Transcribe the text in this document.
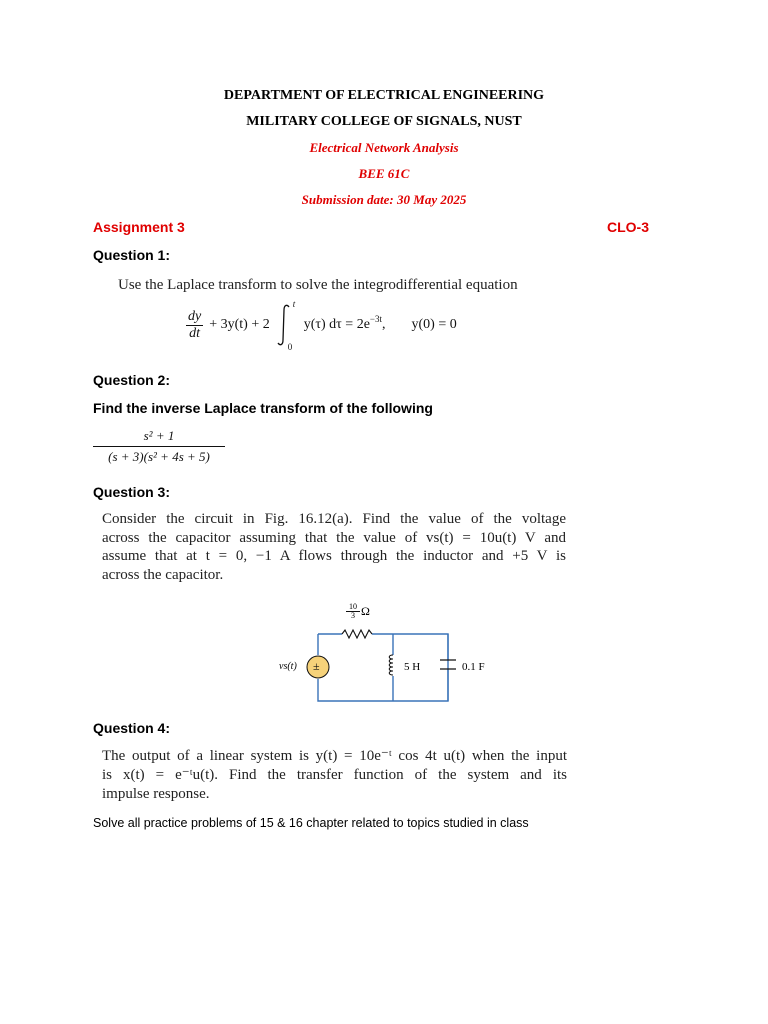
DEPARTMENT OF ELECTRICAL ENGINEERING
MILITARY COLLEGE OF SIGNALS, NUST
Electrical Network Analysis
BEE 61C
Submission date: 30 May 2025
Assignment 3	CLO-3
Question 1:
Use the Laplace transform to solve the integrodifferential equation
$\frac{dy}{dt} + 3y(t) + 2$
t
0
y(τ) $d\tau = 2e^{-3t}$ , y(0) = 0
Question 2:
Find the inverse Laplace transform of the following
$\frac{\text{s² + 1}}{\text{(s + 3)(s² + 4s + 5)}}$
Question 3:
Consider the circuit in Fig. 16.12(a). Find the value of the voltage
across the capacitor assuming that the value of vs(t) = 10u(t) V and
assume that at t = 0, −1 A flows through the inductor and +5 V is
across the capacitor.
$\frac{10}{3}$ Ω
vs(t) ±	5 H	0.1 F
Question 4:
The output of a linear system is y(t) = 10e⁻ᵗ cos 4t u(t) when the input
is x(t) = e⁻ᵗu(t). Find the transfer function of the system and its
impulse response.
Solve all practice problems of 15 & 16 chapter related to topics studied in class
